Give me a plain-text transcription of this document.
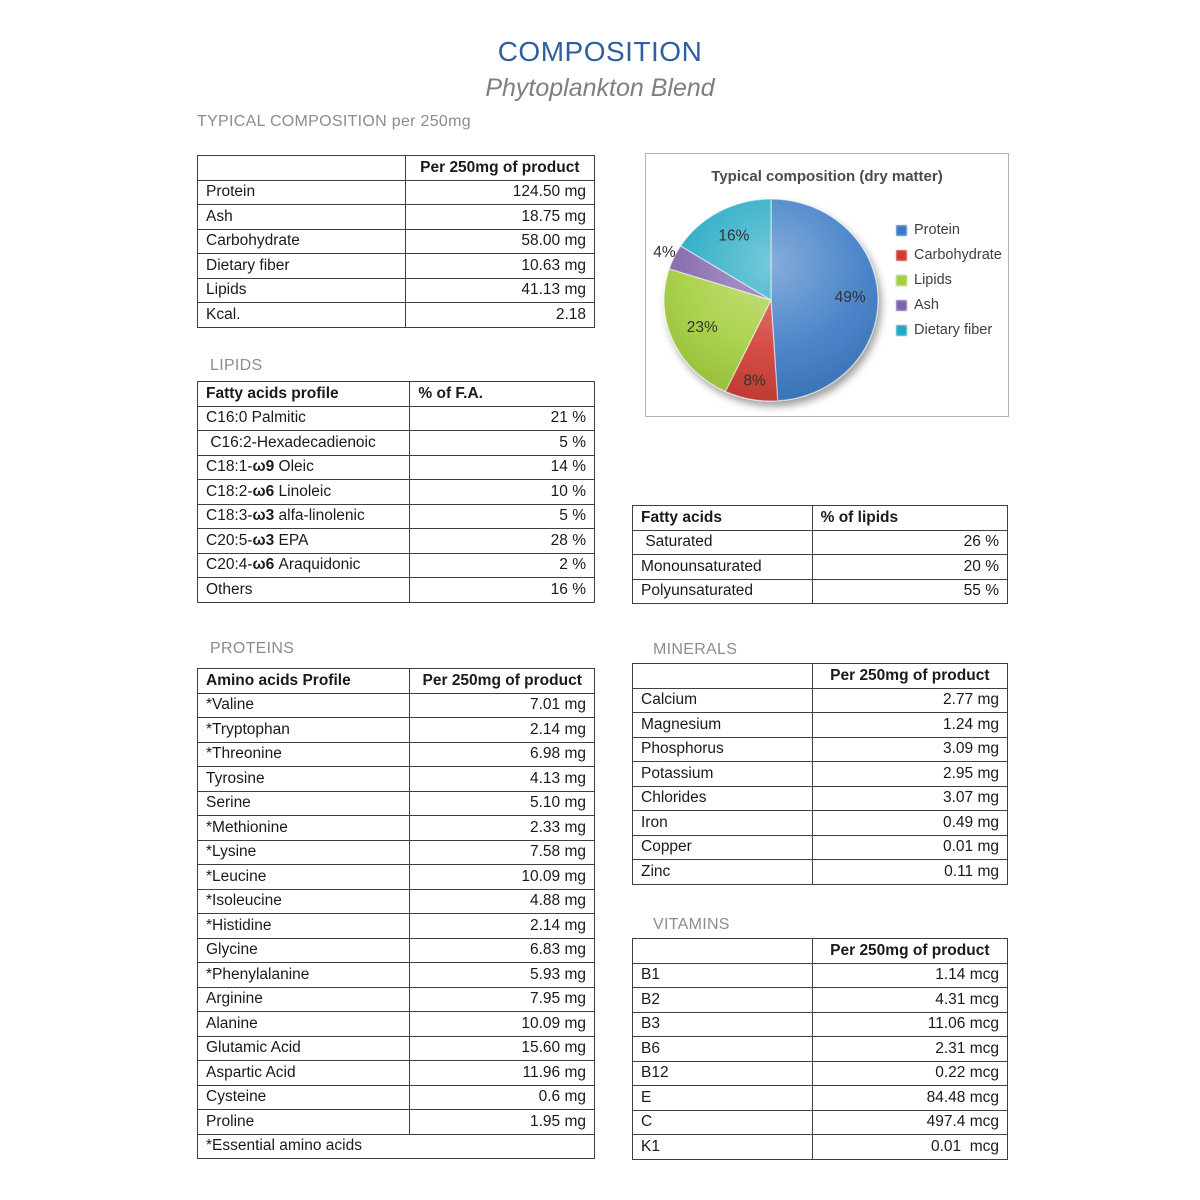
COMPOSITION
Phytoplankton Blend
TYPICAL COMPOSITION per 250mg
	Per 250mg of product
Protein	124.50 mg
Ash	18.75 mg
Carbohydrate	58.00 mg
Dietary fiber	10.63 mg
Lipids	41.13 mg
Kcal.	2.18
Typical composition (dry matter)
49%
8%
23%
4%
16%	Protein
Carbohydrate
Lipids
Ash
Dietary fiber
LIPIDS
Fatty acids profile	% of F.A.
C16:0 Palmitic	21 %
C16:2-Hexadecadienoic	5 %
C18:1-ω9 Oleic	14 %
C18:2-ω6 Linoleic	10 %
C18:3-ω3 alfa-linolenic	5 %
C20:5-ω3 EPA	28 %
C20:4-ω6 Araquidonic	2 %
Others	16 %
Fatty acids	% of lipids
Saturated	26 %
Monounsaturated	20 %
Polyunsaturated	55 %
PROTEINS
Amino acids Profile	Per 250mg of product
*Valine	7.01 mg
*Tryptophan	2.14 mg
*Threonine	6.98 mg
Tyrosine	4.13 mg
Serine	5.10 mg
*Methionine	2.33 mg
*Lysine	7.58 mg
*Leucine	10.09 mg
*Isoleucine	4.88 mg
*Histidine	2.14 mg
Glycine	6.83 mg
*Phenylalanine	5.93 mg
Arginine	7.95 mg
Alanine	10.09 mg
Glutamic Acid	15.60 mg
Aspartic Acid	11.96 mg
Cysteine	0.6 mg
Proline	1.95 mg
*Essential amino acids	
MINERALS
	Per 250mg of product
Calcium	2.77 mg
Magnesium	1.24 mg
Phosphorus	3.09 mg
Potassium	2.95 mg
Chlorides	3.07 mg
Iron	0.49 mg
Copper	0.01 mg
Zinc	0.11 mg
VITAMINS
	Per 250mg of product
B1	1.14 mcg
B2	4.31 mcg
B3	11.06 mcg
B6	2.31 mcg
B12	0.22 mcg
E	84.48 mcg
C	497.4 mcg
K1	0.01  mcg
